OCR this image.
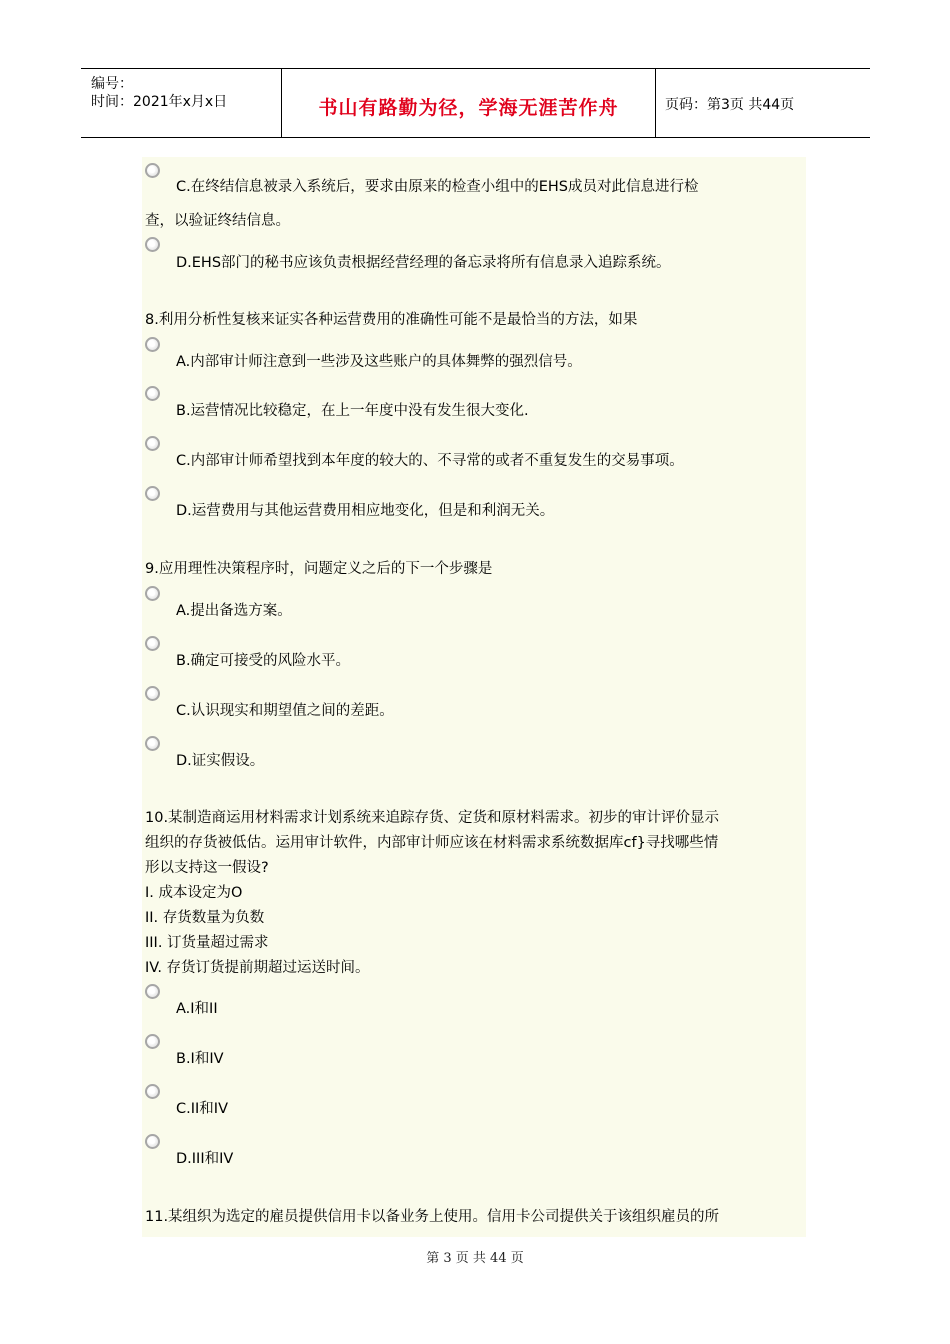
编号：
时间：2021年x月x日	书山有路勤为径，学海无涯苦作舟	页码：第3页 共44页
C.在终结信息被录入系统后，要求由原来的检查小组中的EHS成员对此信息进行检
查，以验证终结信息。
D.EHS部门的秘书应该负责根据经营经理的备忘录将所有信息录入追踪系统。
8.利用分析性复核来证实各种运营费用的准确性可能不是最恰当的方法，如果
A.内部审计师注意到一些涉及这些账户的具体舞弊的强烈信号。
B.运营情况比较稳定，在上一年度中没有发生很大变化.
C.内部审计师希望找到本年度的较大的、不寻常的或者不重复发生的交易事项。
D.运营费用与其他运营费用相应地变化，但是和利润无关。
9.应用理性决策程序时，问题定义之后的下一个步骤是
A.提出备选方案。
B.确定可接受的风险水平。
C.认识现实和期望值之间的差距。
D.证实假设。
10.某制造商运用材料需求计划系统来追踪存货、定货和原材料需求。初步的审计评价显示
组织的存货被低估。运用审计软件，内部审计师应该在材料需求系统数据库cf}寻找哪些情
形以支持这一假设?
I. 成本设定为O
II. 存货数量为负数
III. 订货量超过需求
IV. 存货订货提前期超过运送时间。
A.I和II
B.I和IV
C.II和IV
D.III和IV
11.某组织为选定的雇员提供信用卡以备业务上使用。信用卡公司提供关于该组织雇员的所
第 3 页 共 44 页
